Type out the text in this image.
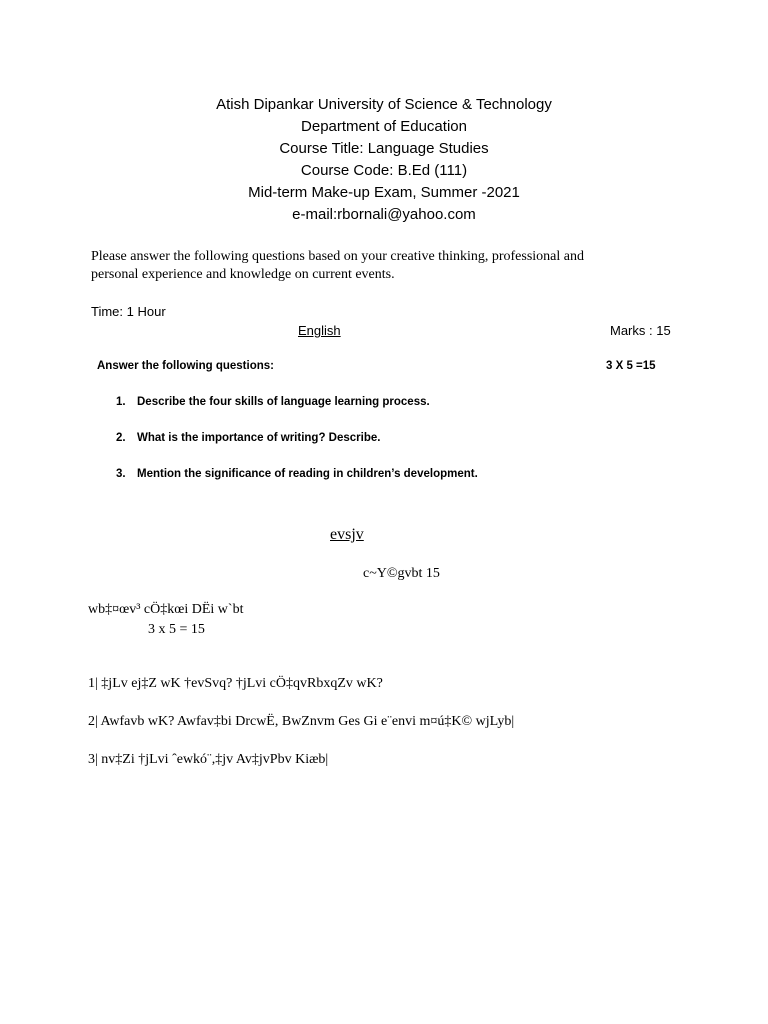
Atish Dipankar University of Science & Technology
Department of Education
Course Title: Language Studies
Course Code: B.Ed (111)
Mid-term Make-up Exam, Summer -2021
e-mail:rbornali@yahoo.com
Please answer the following questions based on your creative thinking, professional and
personal experience and knowledge on current events.
Time: 1 Hour
English	Marks : 15
Answer the following questions:	3 X 5 =15
1. Describe the four skills of language learning process.
2. What is the importance of writing? Describe.
3. Mention the significance of reading in children’s development.
evsjv
c~Y©gvbt 15
wb‡¤œv³ cÖ‡kœi DËi w`bt
3 x 5 = 15
1| ‡jLv ej‡Z wK †evSvq? †jLvi cÖ‡qvRbxqZv wK?
2| Awfavb wK? Awfav‡bi DrcwË, BwZnvm Ges Gi e¨envi m¤ú‡K© wjLyb|
3| nv‡Zi †jLvi ˆewkó¨,‡jv Av‡jvPbv Kiæb|
